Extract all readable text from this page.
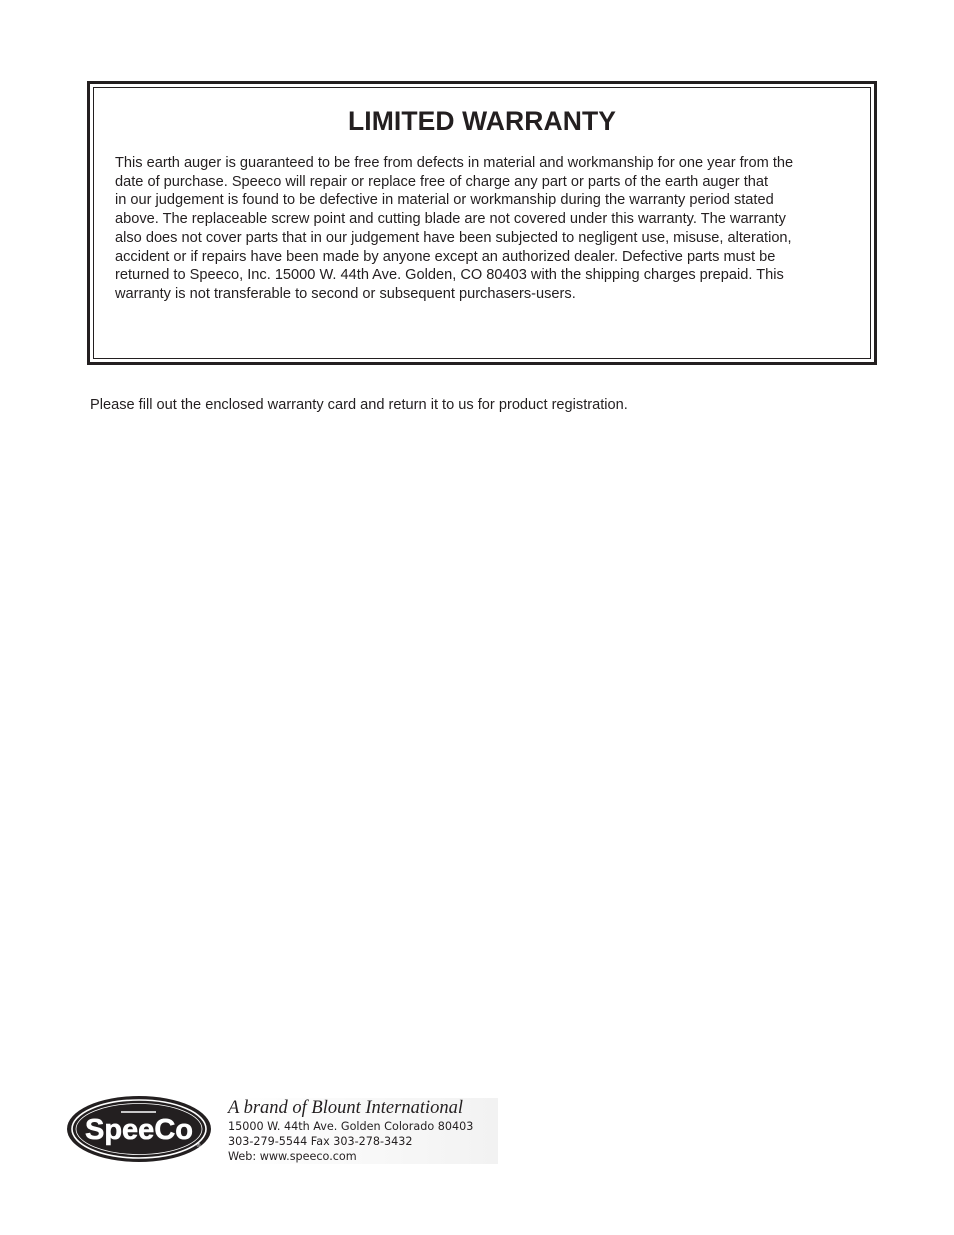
LIMITED WARRANTY

This earth auger is guaranteed to be free from defects in material and workmanship for one year from the
date of purchase. Speeco will repair or replace free of charge any part or parts of the earth auger that
in our judgement is found to be defective in material or workmanship during the warranty period stated
above. The replaceable screw point and cutting blade are not covered under this warranty. The warranty
also does not cover parts that in our judgement have been subjected to negligent use, misuse, alteration,
accident or if repairs have been made by anyone except an authorized dealer. Defective parts must be
returned to Speeco, Inc. 15000 W. 44th Ave. Golden, CO 80403 with the shipping charges prepaid. This
warranty is not transferable to second or subsequent purchasers-users.

Please fill out the enclosed warranty card and return it to us for product registration.

SpeeCo ®

A brand of Blount International

15000 W. 44th Ave. Golden Colorado 80403

303-279-5544 Fax 303-278-3432

Web: www.speeco.com
